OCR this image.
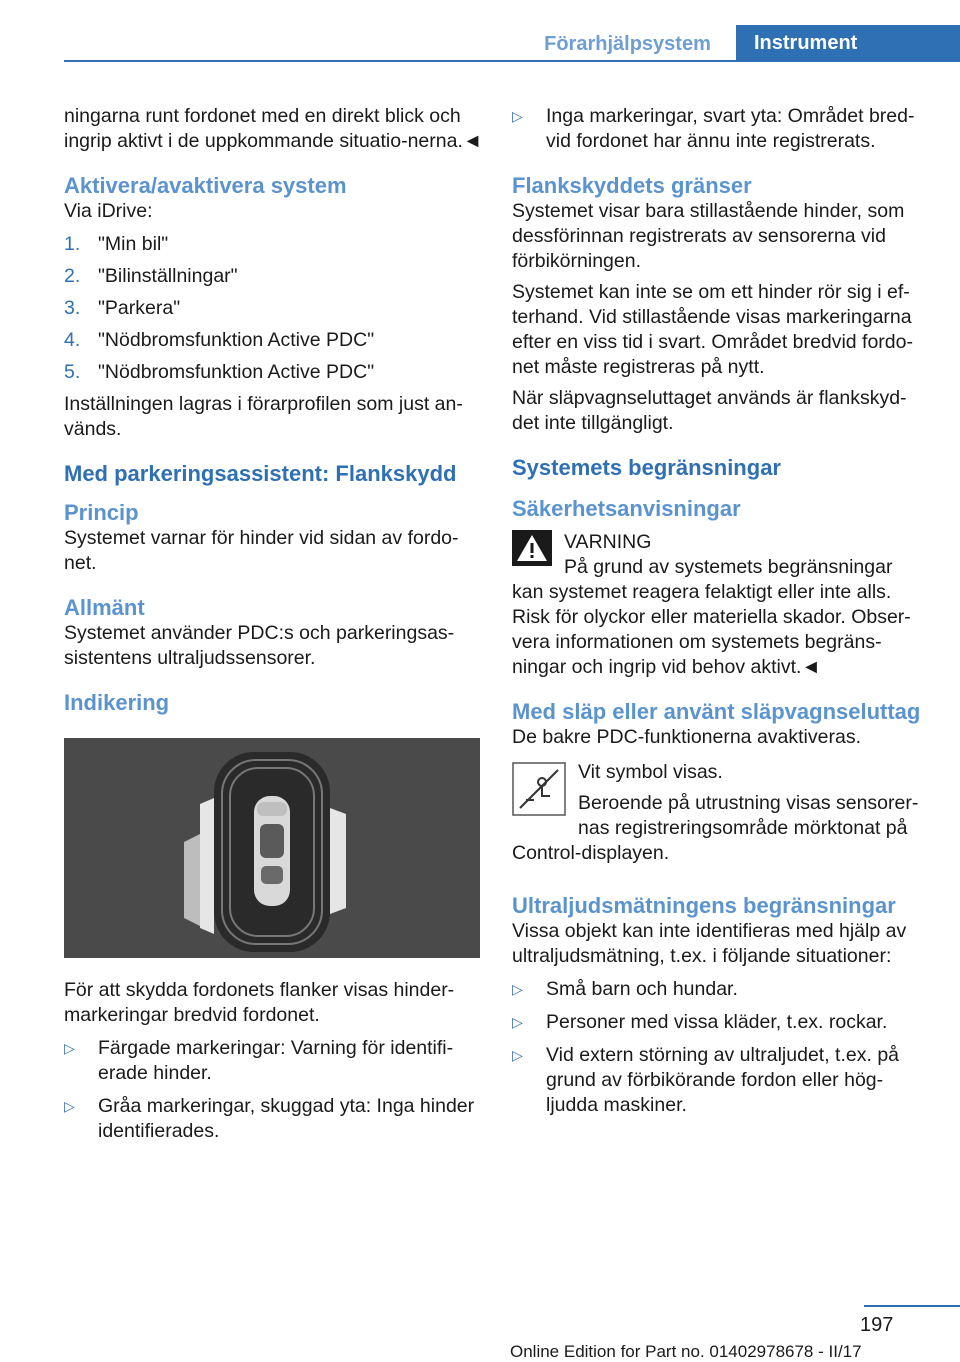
Förarhjälpsystem	Instrument

ningarna runt fordonet med en direkt blick och ingrip aktivt i de uppkommande situatio-nerna.◄

Aktivera/avaktivera system

Via iDrive:

1. "Min bil"
2. "Bilinställningar"
3. "Parkera"
4. "Nödbromsfunktion Active PDC"
5. "Nödbromsfunktion Active PDC"

Inställningen lagras i förarprofilen som just an-vänds.

Med parkeringsassistent: Flankskydd
Princip

Systemet varnar för hinder vid sidan av fordo-net.

Allmänt

Systemet använder PDC:s och parkeringsas-sistentens ultraljudssensorer.

Indikering

För att skydda fordonets flanker visas hinder-markeringar bredvid fordonet.

▷	Färgade markeringar: Varning för identifi-erade hinder.
▷	Gråa markeringar, skuggad yta: Inga hinder identifierades.
▷	Inga markeringar, svart yta: Området bred-vid fordonet har ännu inte registrerats.
Flankskyddets gränser

Systemet visar bara stillastående hinder, som dessförinnan registrerats av sensorerna vid förbikörningen.

Systemet kan inte se om ett hinder rör sig i ef-terhand. Vid stillastående visas markeringarna efter en viss tid i svart. Området bredvid fordo-net måste registreras på nytt.

När släpvagnseluttaget används är flankskyd-det inte tillgängligt.

Systemets begränsningar
Säkerhetsanvisningar

VARNING

På grund av systemets begränsningar

kan systemet reagera felaktigt eller inte alls. Risk för olyckor eller materiella skador. Obser-vera informationen om systemets begräns-ningar och ingrip vid behov aktivt.◄

Med släp eller använt släpvagnseluttag

De bakre PDC-funktionerna avaktiveras.

Vit symbol visas.

Beroende på utrustning visas sensorer-nas registreringsområde mörktonat på

Control-displayen.

Ultraljudsmätningens begränsningar

Vissa objekt kan inte identifieras med hjälp av ultraljudsmätning, t.ex. i följande situationer:

▷	Små barn och hundar.
▷	Personer med vissa kläder, t.ex. rockar.
▷	Vid extern störning av ultraljudet, t.ex. på grund av förbikörande fordon eller hög-ljudda maskiner.
197
Online Edition for Part no. 01402978678 - II/17
